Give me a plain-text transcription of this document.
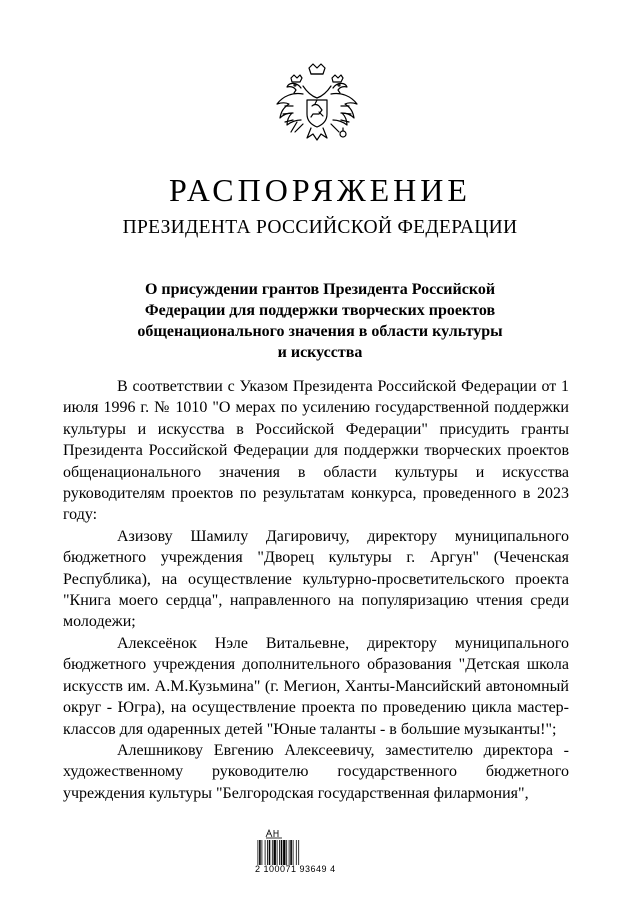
РАСПОРЯЖЕНИЕ
ПРЕЗИДЕНТА РОССИЙСКОЙ ФЕДЕРАЦИИ
О присуждении грантов Президента Российской
Федерации для поддержки творческих проектов
общенационального значения в области культуры
и искусства

В соответствии с Указом Президента Российской Федерации от 1 июля 1996 г. № 1010 "О мерах по усилению государственной поддержки культуры и искусства в Российской Федерации" присудить гранты Президента Российской Федерации для поддержки творческих проектов общенационального значения в области культуры и искусства руководителям проектов по результатам конкурса, проведенного в 2023 году:

Азизову Шамилу Дагировичу, директору муниципального бюджетного учреждения "Дворец культуры г. Аргун" (Чеченская Республика), на осуществление культурно-просветительского проекта "Книга моего сердца", направленного на популяризацию чтения среди молодежи;

Алексеёнок Нэле Витальевне, директору муниципального бюджетного учреждения дополнительного образования "Детская школа искусств им. А.М.Кузьмина" (г. Мегион, Ханты-Мансийский автономный округ - Югра), на осуществление проекта по проведению цикла мастер-классов для одаренных детей "Юные таланты - в большие музыканты!";

Алешникову Евгению Алексеевичу, заместителю директора - художественному руководителю государственного бюджетного учреждения культуры "Белгородская государственная филармония",

2 100071 93649 4
